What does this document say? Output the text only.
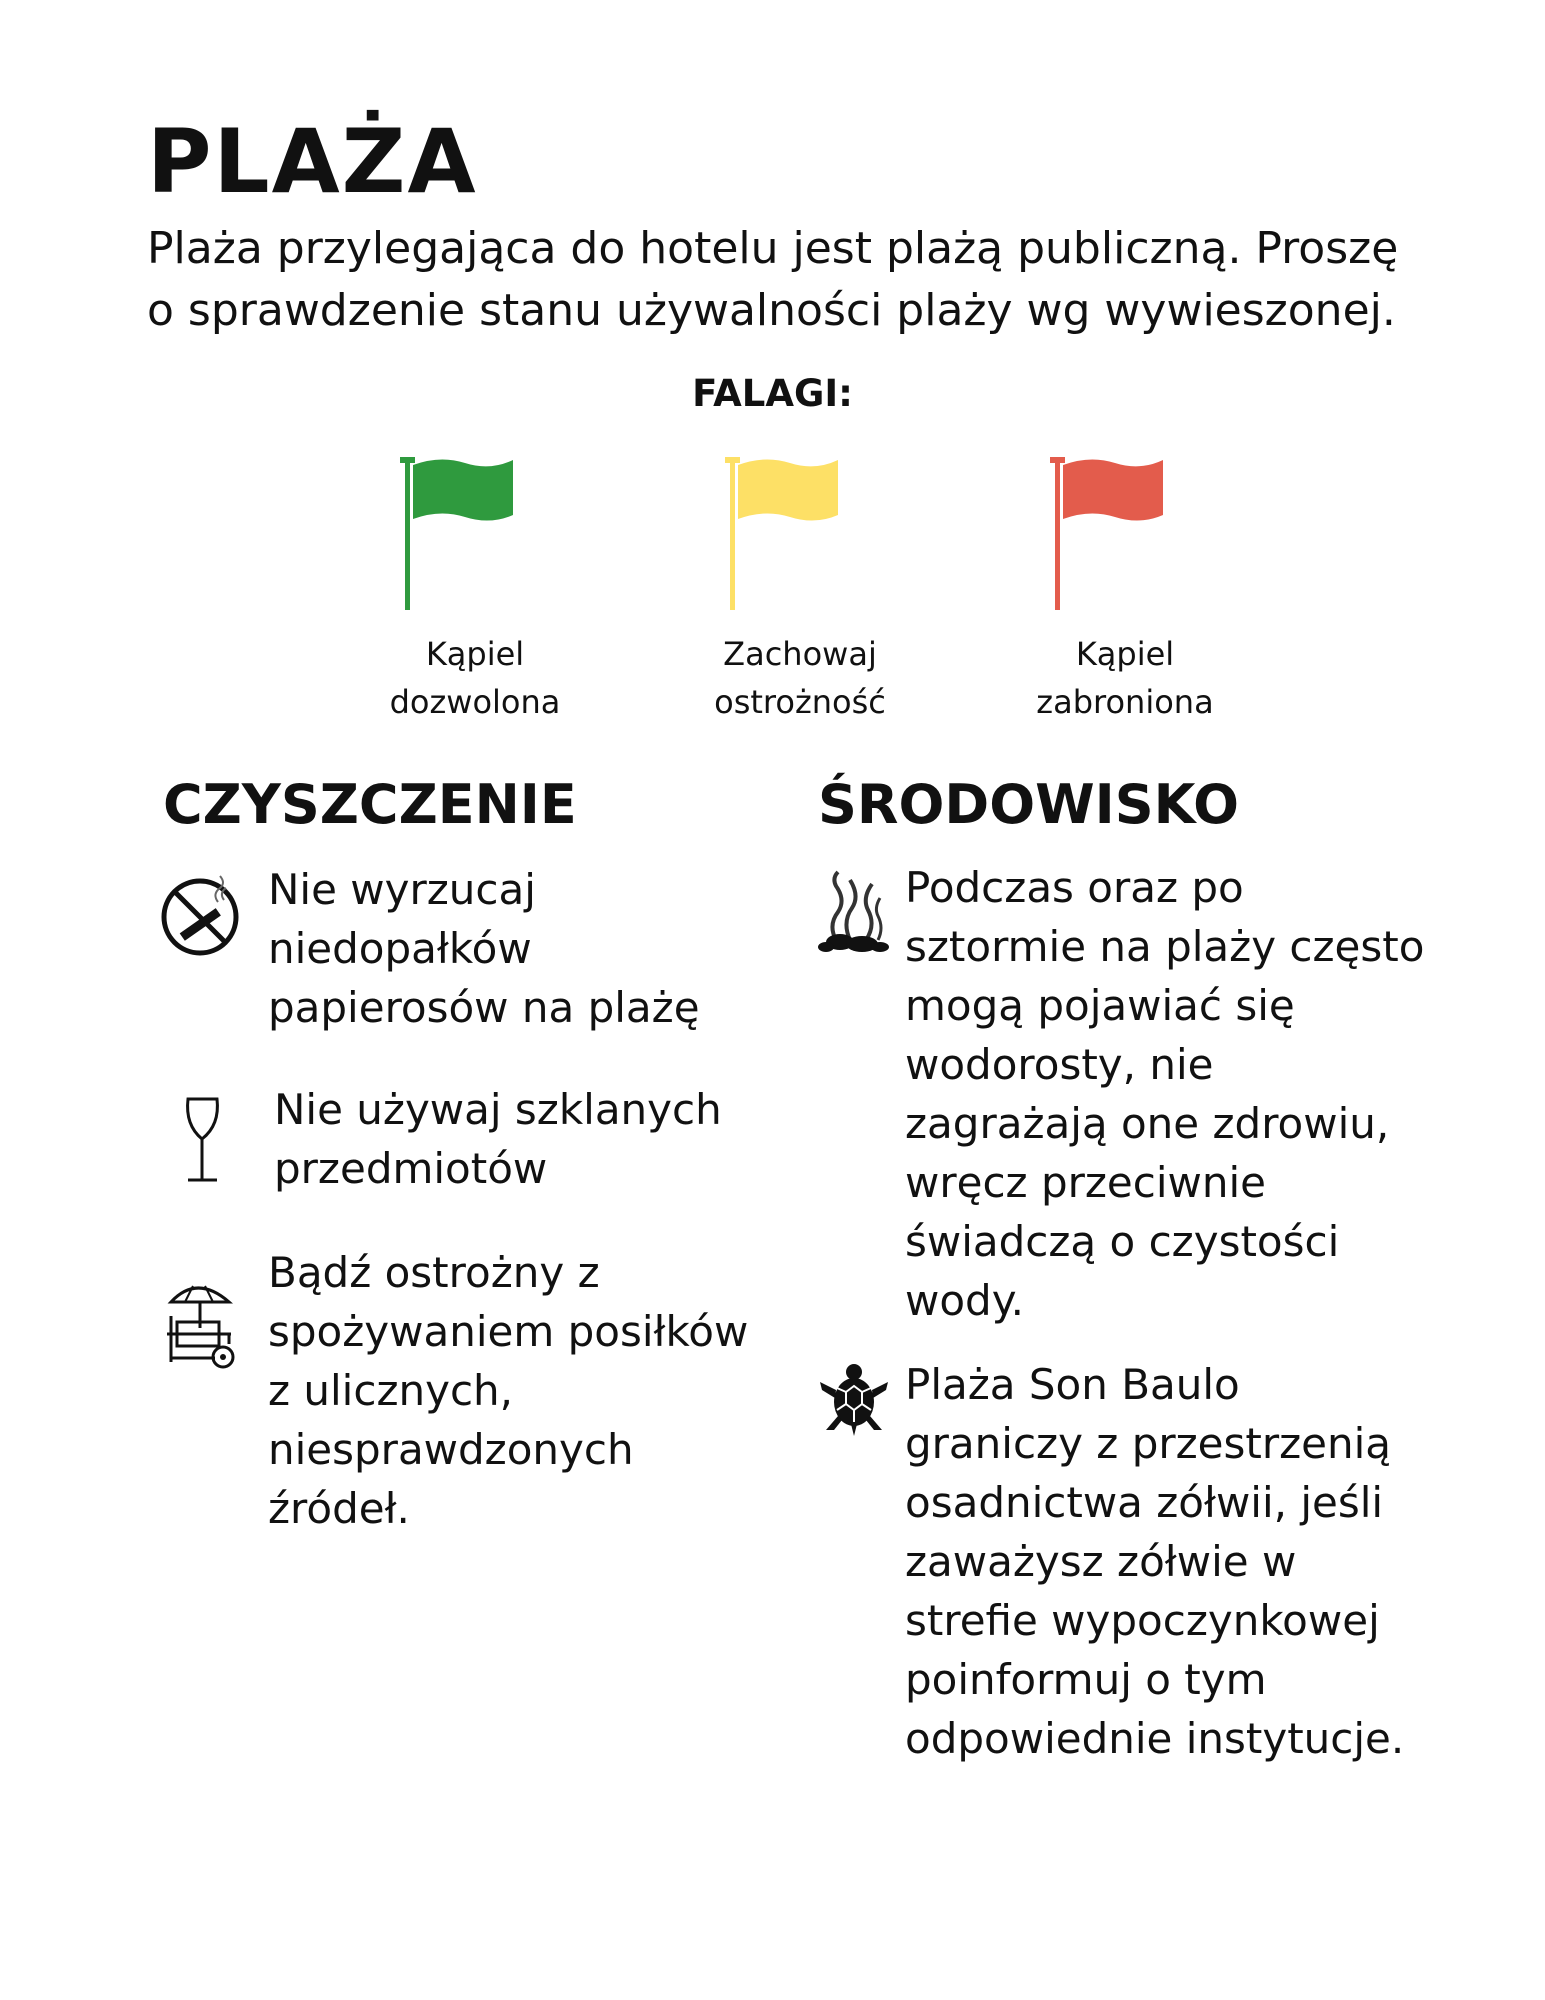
PLAŻA

Plaża przylegająca do hotelu jest plażą publiczną. Proszę o sprawdzenie stanu używalności plaży wg wywieszonej.

FALAGI:
Kąpiel
dozwolona
Zachowaj
ostrożność
Kąpiel
zabroniona
CZYSZCZENIE

Nie wyrzucaj niedopałków papierosów na plażę

Nie używaj szklanych przedmiotów

Bądź ostrożny z spożywaniem posiłków z ulicznych, niesprawdzonych źródeł.

ŚRODOWISKO

Podczas oraz po sztormie na plaży często mogą pojawiać się wodorosty, nie zagrażają one zdrowiu, wręcz przeciwnie świadczą o czystości wody.

Plaża Son Baulo graniczy z przestrzenią osadnictwa zółwii, jeśli zaważysz zółwie w strefie wypoczynkowej poinformuj o tym odpowiednie instytucje.
